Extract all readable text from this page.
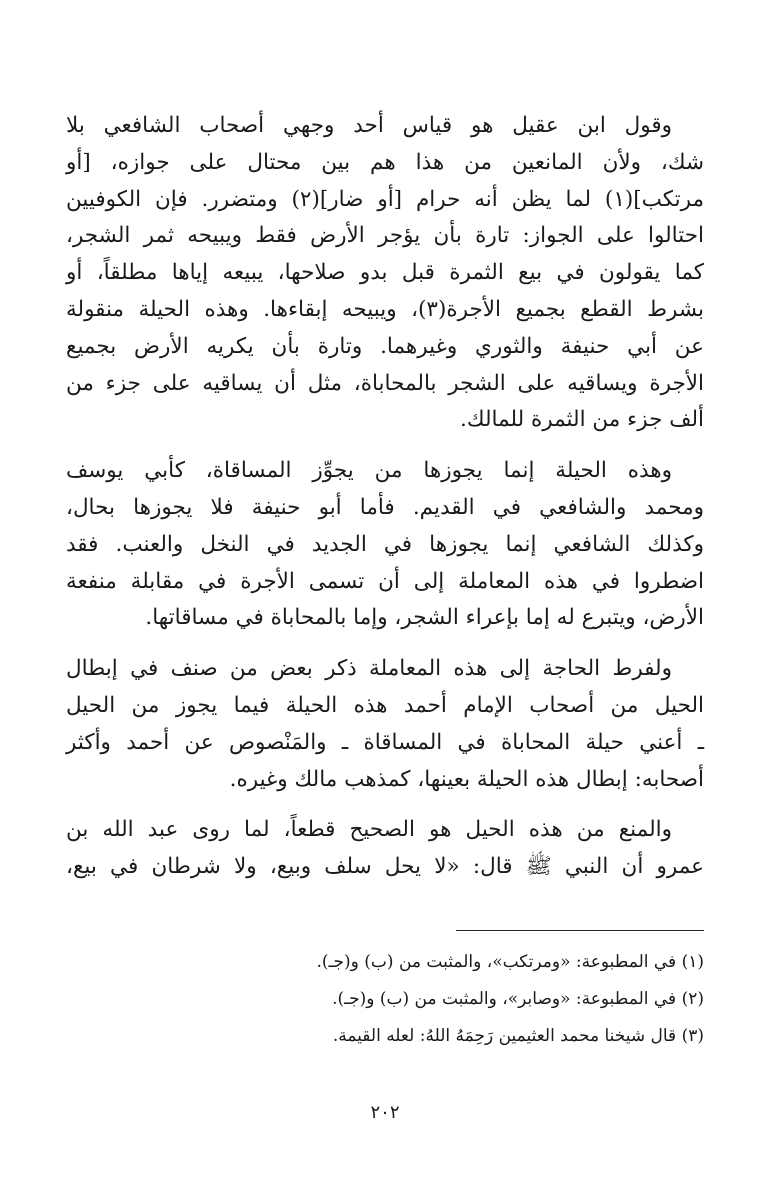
وقول ابن عقيل هو قياس أحد وجهي أصحاب الشافعي بلا
شك، ولأن المانعين من هذا هم بين محتال على جوازه، [أو
مرتكب](١) لما يظن أنه حرام [أو ضار](٢) ومتضرر. فإن الكوفيين
احتالوا على الجواز: تارة بأن يؤجر الأرض فقط ويبيحه ثمر الشجر،
كما يقولون في بيع الثمرة قبل بدو صلاحها، يبيعه إياها مطلقاً، أو
بشرط القطع بجميع الأجرة(٣)، ويبيحه إبقاءها. وهذه الحيلة منقولة
عن أبي حنيفة والثوري وغيرهما. وتارة بأن يكريه الأرض بجميع
الأجرة ويساقيه على الشجر بالمحاباة، مثل أن يساقيه على جزء من
ألف جزء من الثمرة للمالك.
وهذه الحيلة إنما يجوزها من يجوِّز المساقاة، كأبي يوسف
ومحمد والشافعي في القديم. فأما أبو حنيفة فلا يجوزها بحال،
وكذلك الشافعي إنما يجوزها في الجديد في النخل والعنب. فقد
اضطروا في هذه المعاملة إلى أن تسمى الأجرة في مقابلة منفعة
الأرض، ويتبرع له إما بإعراء الشجر، وإما بالمحاباة في مساقاتها.
ولفرط الحاجة إلى هذه المعاملة ذكر بعض من صنف في إبطال
الحيل من أصحاب الإمام أحمد هذه الحيلة فيما يجوز من الحيل
ـ أعني حيلة المحاباة في المساقاة ـ والمَنْصوص عن أحمد وأكثر
أصحابه: إبطال هذه الحيلة بعينها، كمذهب مالك وغيره.
والمنع من هذه الحيل هو الصحيح قطعاً، لما روى عبد الله بن
عمرو أن النبي ﷺ قال: «لا يحل سلف وبيع، ولا شرطان في بيع،
(١) في المطبوعة: «ومرتكب»، والمثبت من (ب) و(جـ).
(٢) في المطبوعة: «وصابر»، والمثبت من (ب) و(جـ).
(٣) قال شيخنا محمد العثيمين رَحِمَهُ اللهُ: لعله القيمة.
٢٠٢
